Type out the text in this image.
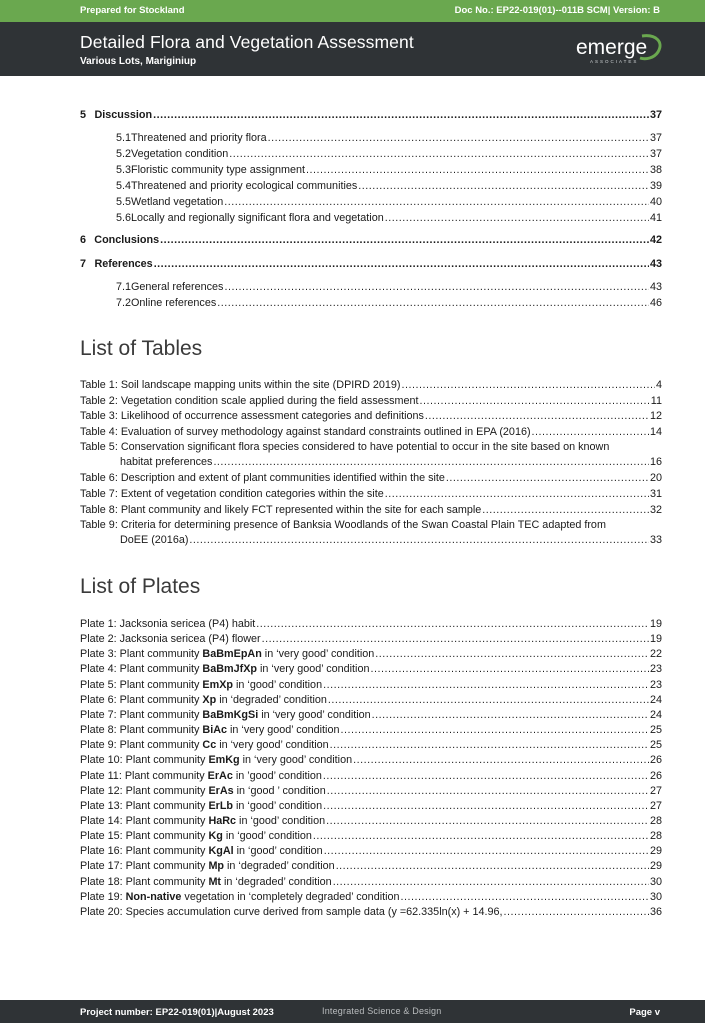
Prepared for Stockland	Doc No.: EP22-019(01)--011B SCM| Version: B
Detailed Flora and Vegetation Assessment
Various Lots, Mariginiup
emerge
ASSOCIATES
5 Discussion .....	37
5.1 Threatened and priority flora .....	37
5.2 Vegetation condition .....	37
5.3 Floristic community type assignment .....	38
5.4 Threatened and priority ecological communities .....	39
5.5 Wetland vegetation .....	40
5.6 Locally and regionally significant flora and vegetation .....	41
6 Conclusions .....	42
7 References .....	43
7.1 General references .....	43
7.2 Online references .....	46
List of Tables
Table 1: Soil landscape mapping units within the site (DPIRD 2019) .....	4
Table 2: Vegetation condition scale applied during the field assessment .....	11
Table 3: Likelihood of occurrence assessment categories and definitions .....	12
Table 4: Evaluation of survey methodology against standard constraints outlined in EPA (2016) .....	14
Table 5: Conservation significant flora species considered to have potential to occur in the site based on known
habitat preferences .....	16
Table 6: Description and extent of plant communities identified within the site .....	20
Table 7: Extent of vegetation condition categories within the site .....	31
Table 8: Plant community and likely FCT represented within the site for each sample .....	32
Table 9: Criteria for determining presence of Banksia Woodlands of the Swan Coastal Plain TEC adapted from
DoEE (2016a) .....	33
List of Plates
Plate 1: Jacksonia sericea (P4) habit .....	19
Plate 2: Jacksonia sericea (P4) flower .....	19
Plate 3: Plant community BaBmEpAn in ‘very good’ condition .....	22
Plate 4: Plant community BaBmJfXp in ‘very good’ condition .....	23
Plate 5: Plant community EmXp in ‘good’ condition .....	23
Plate 6: Plant community Xp in ‘degraded’ condition .....	24
Plate 7: Plant community BaBmKgSi in ‘very good’ condition .....	24
Plate 8: Plant community BiAc in ‘very good’ condition .....	25
Plate 9: Plant community Cc in ‘very good’ condition .....	25
Plate 10: Plant community EmKg in ‘very good’ condition .....	26
Plate 11: Plant community ErAc in ’good’ condition .....	26
Plate 12: Plant community ErAs in ‘good ’ condition .....	27
Plate 13: Plant community ErLb in ‘good’ condition .....	27
Plate 14: Plant community HaRc in ‘good’ condition .....	28
Plate 15: Plant community Kg in ‘good’ condition .....	28
Plate 16: Plant community KgAl in ‘good’ condition .....	29
Plate 17: Plant community Mp in ‘degraded’ condition .....	29
Plate 18: Plant community Mt in ‘degraded’ condition .....	30
Plate 19: Non-native vegetation in ‘completely degraded’ condition .....	30
Plate 20: Species accumulation curve derived from sample data (y =62.335ln(x) + 14.96, .....	36
Project number: EP22-019(01)|August 2023	Integrated Science & Design	Page v
